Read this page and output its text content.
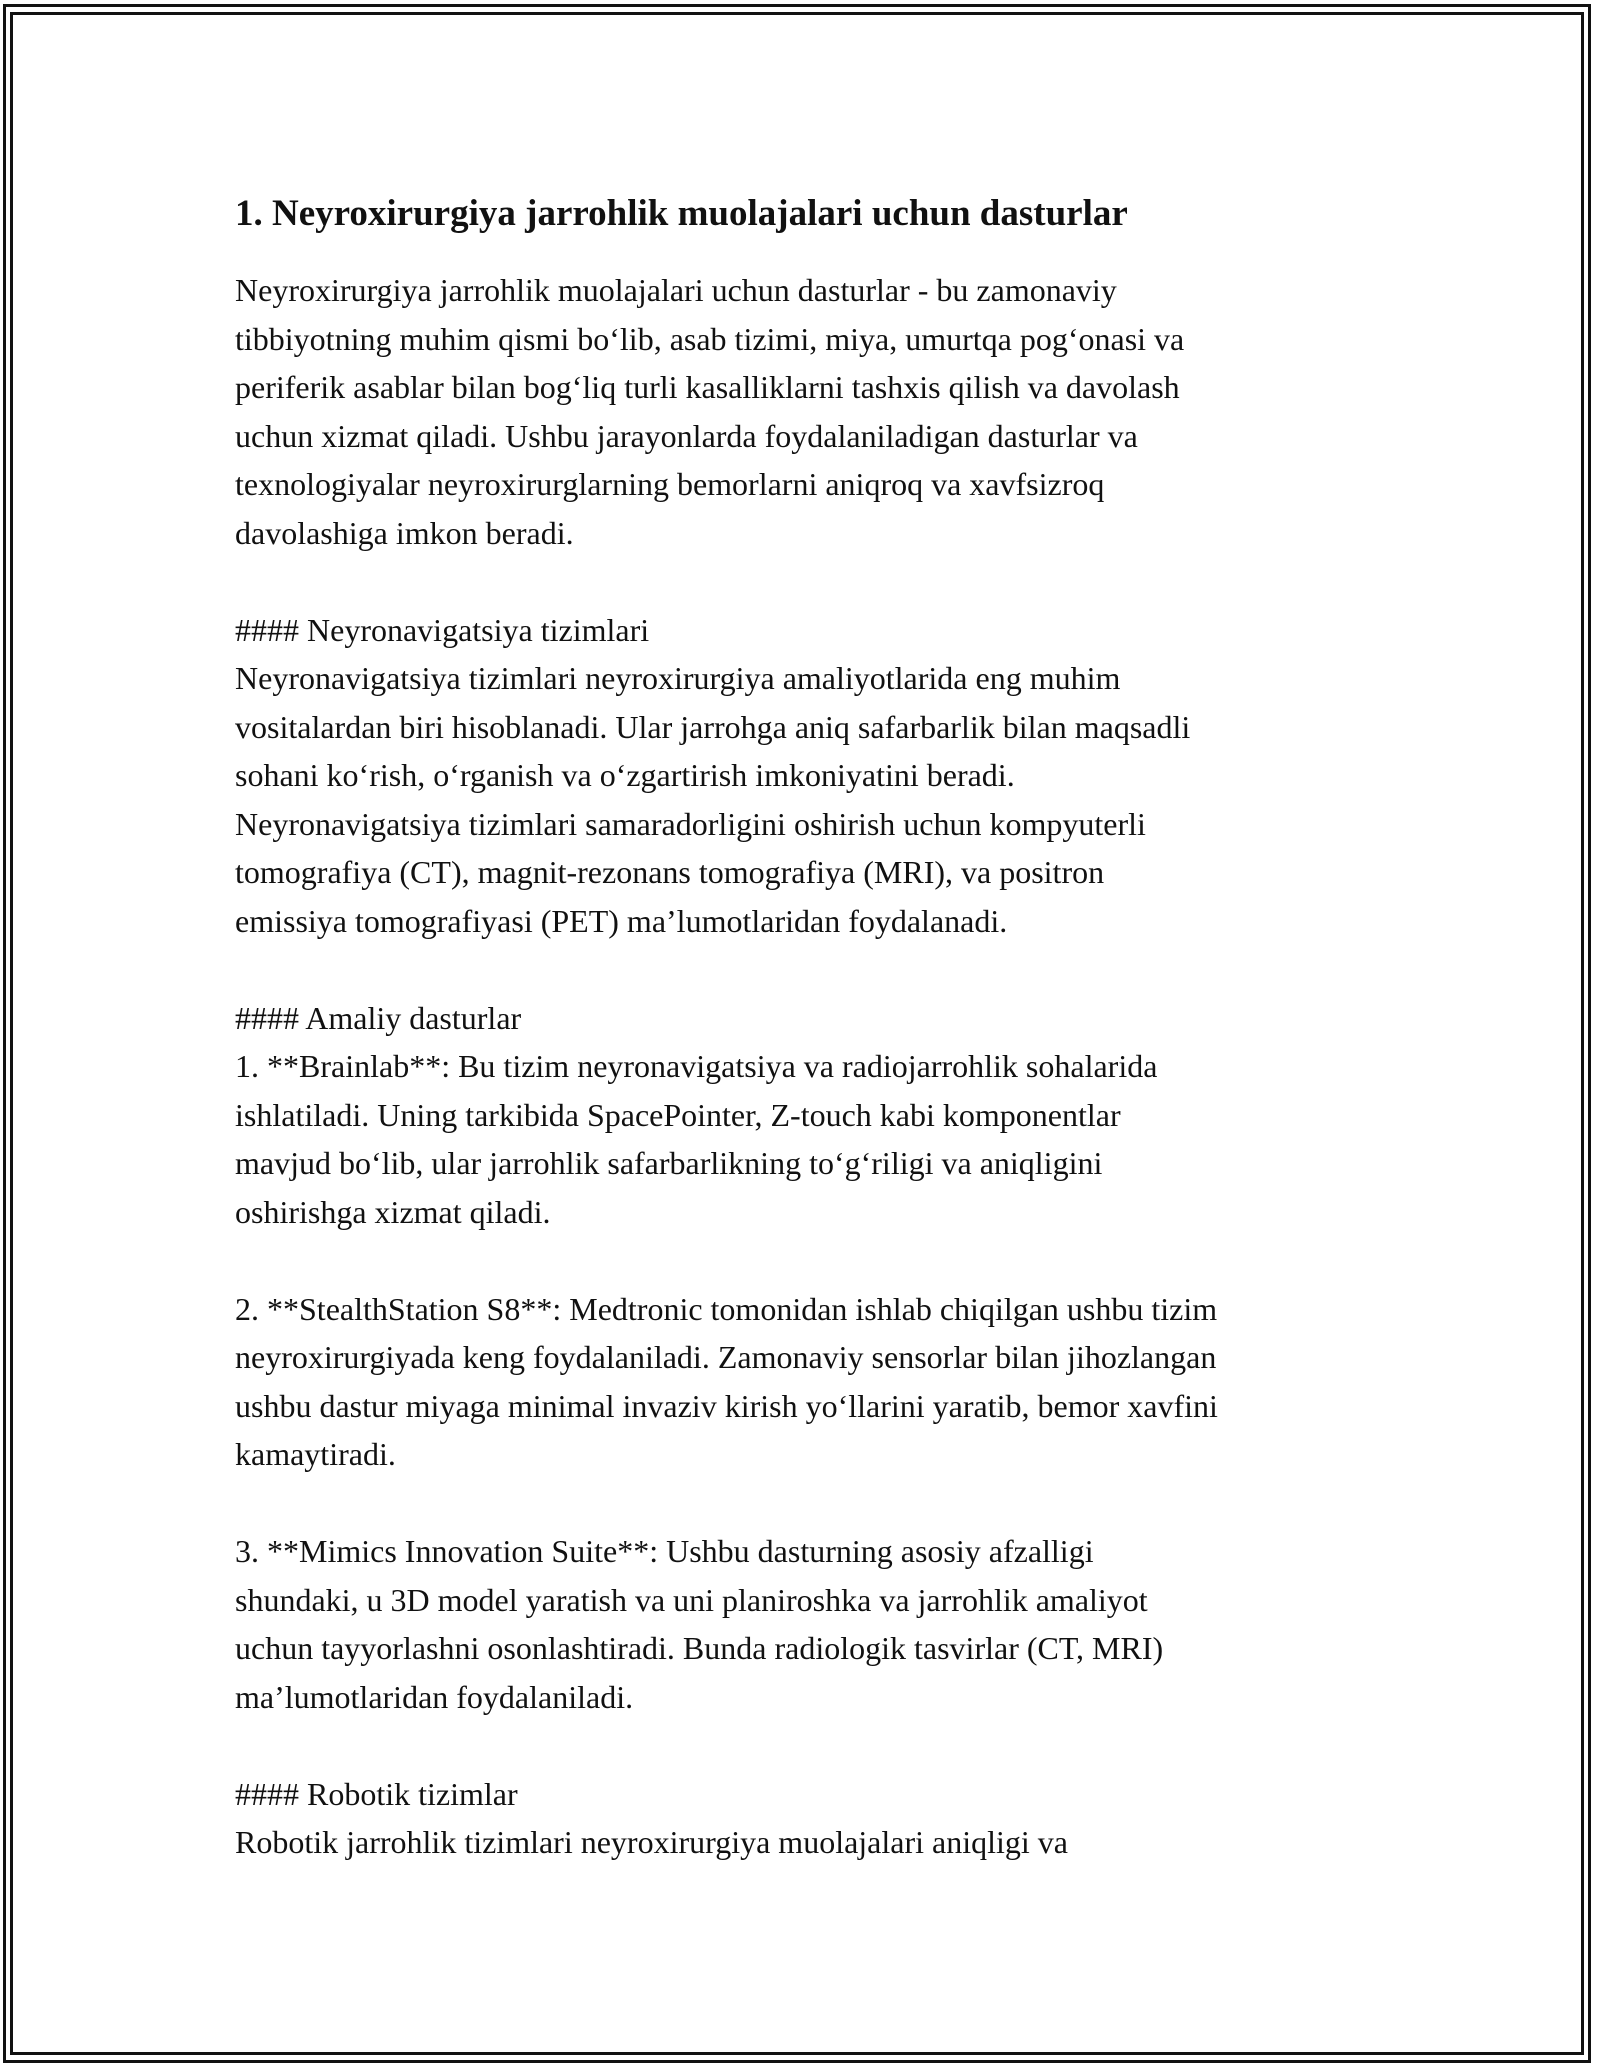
1. Neyroxirurgiya jarrohlik muolajalari uchun dasturlar

Neyroxirurgiya jarrohlik muolajalari uchun dasturlar - bu zamonaviy
tibbiyotning muhim qismi bo‘lib, asab tizimi, miya, umurtqa pog‘onasi va
periferik asablar bilan bog‘liq turli kasalliklarni tashxis qilish va davolash
uchun xizmat qiladi. Ushbu jarayonlarda foydalaniladigan dasturlar va
texnologiyalar neyroxirurglarning bemorlarni aniqroq va xavfsizroq
davolashiga imkon beradi.

#### Neyronavigatsiya tizimlari
Neyronavigatsiya tizimlari neyroxirurgiya amaliyotlarida eng muhim
vositalardan biri hisoblanadi. Ular jarrohga aniq safarbarlik bilan maqsadli
sohani ko‘rish, o‘rganish va o‘zgartirish imkoniyatini beradi.
Neyronavigatsiya tizimlari samaradorligini oshirish uchun kompyuterli
tomografiya (CT), magnit-rezonans tomografiya (MRI), va positron
emissiya tomografiyasi (PET) ma’lumotlaridan foydalanadi.

#### Amaliy dasturlar
1. **Brainlab**: Bu tizim neyronavigatsiya va radiojarrohlik sohalarida
ishlatiladi. Uning tarkibida SpacePointer, Z-touch kabi komponentlar
mavjud bo‘lib, ular jarrohlik safarbarlikning to‘g‘riligi va aniqligini
oshirishga xizmat qiladi.

2. **StealthStation S8**: Medtronic tomonidan ishlab chiqilgan ushbu tizim
neyroxirurgiyada keng foydalaniladi. Zamonaviy sensorlar bilan jihozlangan
ushbu dastur miyaga minimal invaziv kirish yo‘llarini yaratib, bemor xavfini
kamaytiradi.

3. **Mimics Innovation Suite**: Ushbu dasturning asosiy afzalligi
shundaki, u 3D model yaratish va uni planiroshka va jarrohlik amaliyot
uchun tayyorlashni osonlashtiradi. Bunda radiologik tasvirlar (CT, MRI)
ma’lumotlaridan foydalaniladi.

#### Robotik tizimlar
Robotik jarrohlik tizimlari neyroxirurgiya muolajalari aniqligi va
